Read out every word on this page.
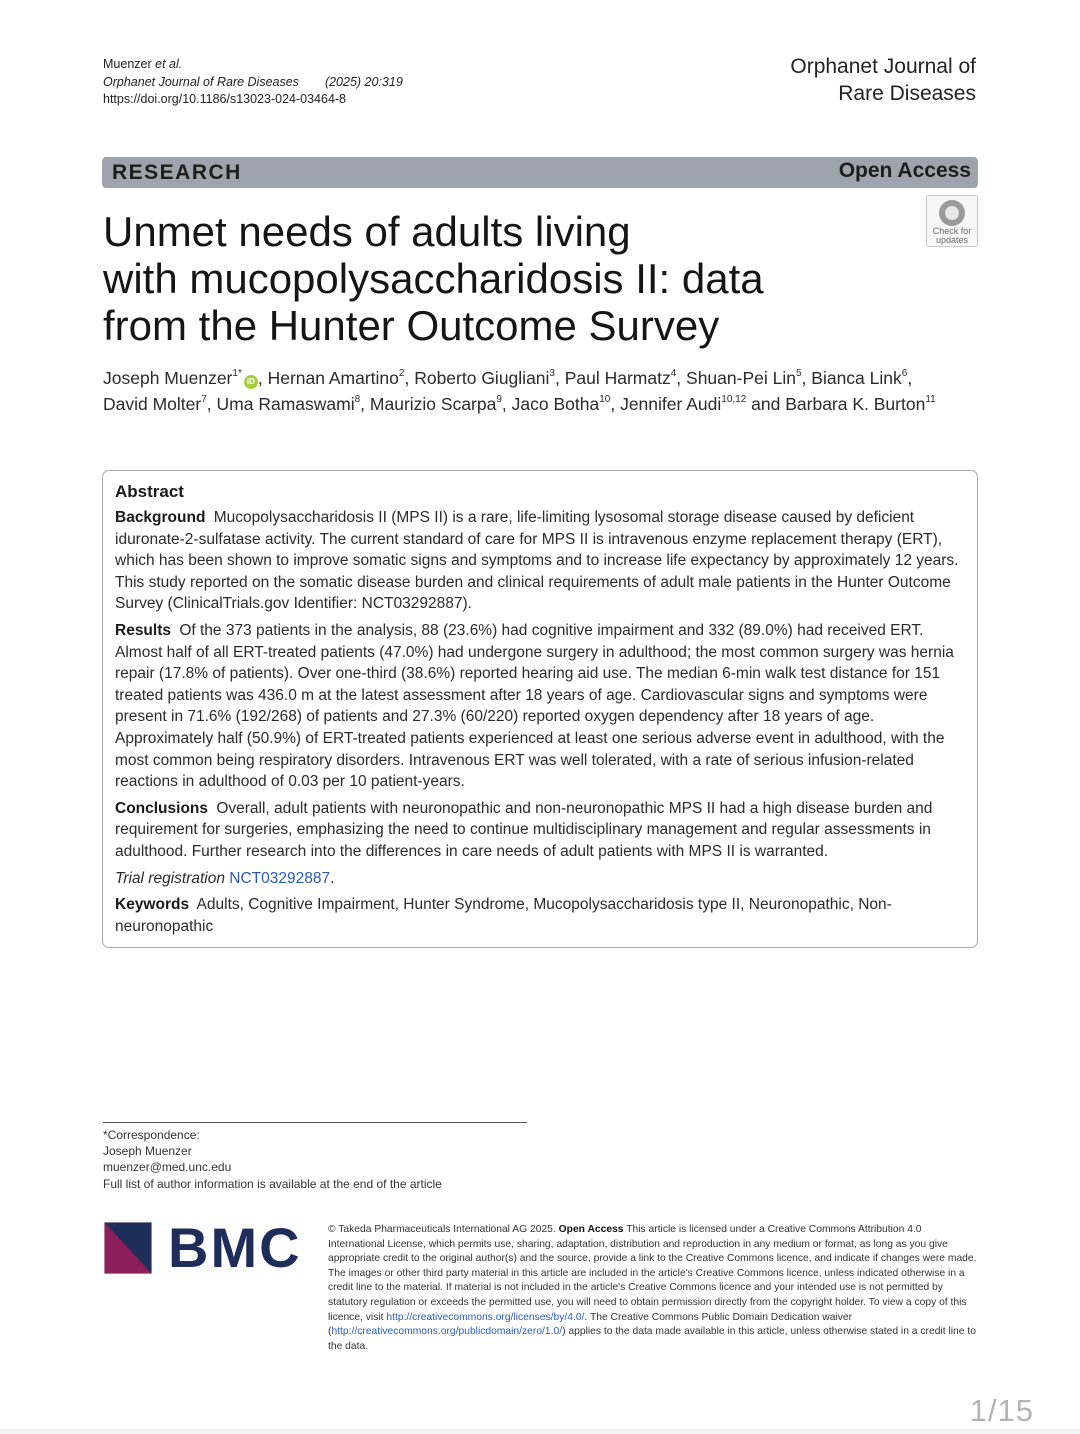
Muenzer et al.
Orphanet Journal of Rare Diseases (2025) 20:319
https://doi.org/10.1186/s13023-024-03464-8
Orphanet Journal of
Rare Diseases
RESEARCH	Open Access
Unmet needs of adults living
with mucopolysaccharidosis II: data
from the Hunter Outcome Survey
Check for
updates
Joseph Muenzer$^{1*}$iD , Hernan Amartino$^2$, Roberto Giugliani$^3$, Paul Harmatz$^4$, Shuan-Pei Lin$^5$, Bianca Link$^6$,
David Molter$^7$, Uma Ramaswami$^8$, Maurizio Scarpa$^9$, Jaco Botha$^{10}$, Jennifer Audi$^{10,12}$ and Barbara K. Burton$^{11}$
Abstract

Background Mucopolysaccharidosis II (MPS II) is a rare, life-limiting lysosomal storage disease caused by deficient iduronate-2-sulfatase activity. The current standard of care for MPS II is intravenous enzyme replacement therapy (ERT), which has been shown to improve somatic signs and symptoms and to increase life expectancy by approximately 12 years. This study reported on the somatic disease burden and clinical requirements of adult male patients in the Hunter Outcome Survey (ClinicalTrials.gov Identifier: NCT03292887).

Results Of the 373 patients in the analysis, 88 (23.6%) had cognitive impairment and 332 (89.0%) had received ERT. Almost half of all ERT-treated patients (47.0%) had undergone surgery in adulthood; the most common surgery was hernia repair (17.8% of patients). Over one-third (38.6%) reported hearing aid use. The median 6-min walk test distance for 151 treated patients was 436.0 m at the latest assessment after 18 years of age. Cardiovascular signs and symptoms were present in 71.6% (192/268) of patients and 27.3% (60/220) reported oxygen dependency after 18 years of age. Approximately half (50.9%) of ERT-treated patients experienced at least one serious adverse event in adulthood, with the most common being respiratory disorders. Intravenous ERT was well tolerated, with a rate of serious infusion-related reactions in adulthood of 0.03 per 10 patient-years.

Conclusions Overall, adult patients with neuronopathic and non-neuronopathic MPS II had a high disease burden and requirement for surgeries, emphasizing the need to continue multidisciplinary management and regular assessments in adulthood. Further research into the differences in care needs of adult patients with MPS II is warranted.

Trial registration NCT03292887.

Keywords Adults, Cognitive Impairment, Hunter Syndrome, Mucopolysaccharidosis type II, Neuronopathic, Non-neuronopathic

*Correspondence:
Joseph Muenzer
muenzer@med.unc.edu
Full list of author information is available at the end of the article
BMC	© Takeda Pharmaceuticals International AG 2025. Open Access This article is licensed under a Creative Commons Attribution 4.0 International License, which permits use, sharing, adaptation, distribution and reproduction in any medium or format, as long as you give appropriate credit to the original author(s) and the source, provide a link to the Creative Commons licence, and indicate if changes were made. The images or other third party material in this article are included in the article's Creative Commons licence, unless indicated otherwise in a credit line to the material. If material is not included in the article's Creative Commons licence and your intended use is not permitted by statutory regulation or exceeds the permitted use, you will need to obtain permission directly from the copyright holder. To view a copy of this licence, visit http://creativecommons.org/licenses/by/4.0/. The Creative Commons Public Domain Dedication waiver (http://creativecommons.org/publicdomain/zero/1.0/) applies to the data made available in this article, unless otherwise stated in a credit line to the data.
1/15
